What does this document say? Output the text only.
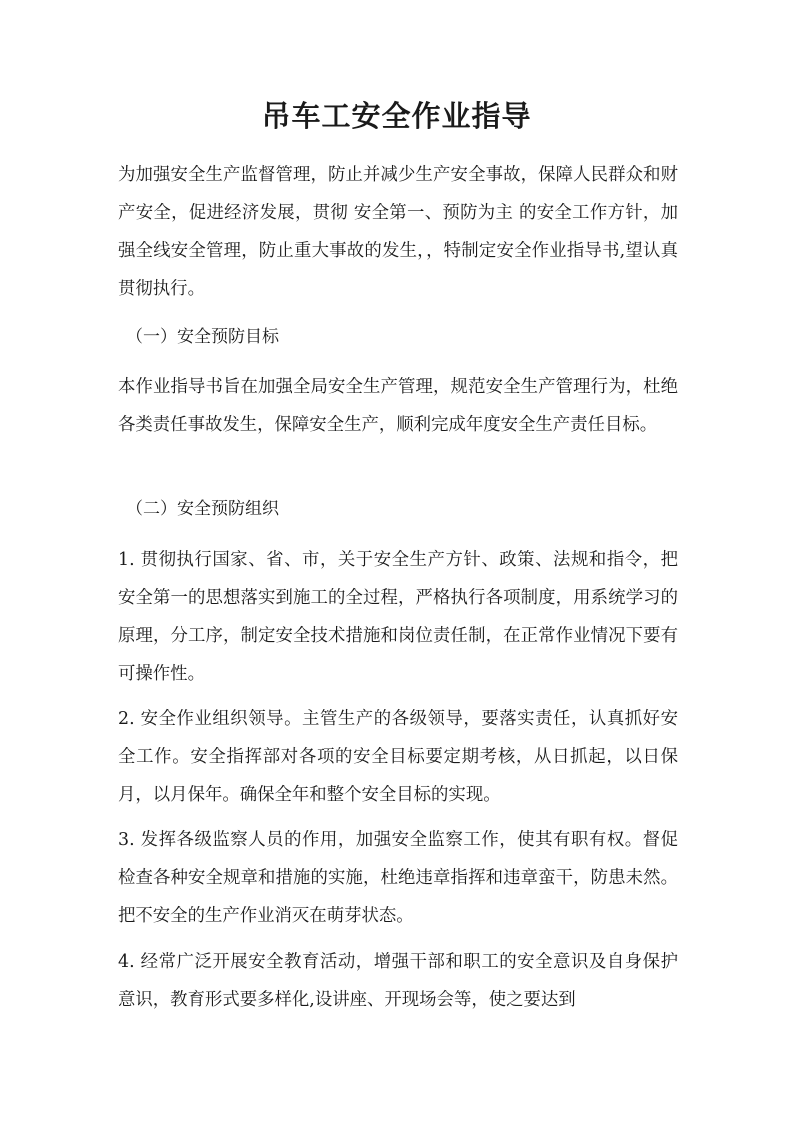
吊车工安全作业指导

为加强安全生产监督管理，防止并减少生产安全事故，保障人民群众和财产安全，促进经济发展，贯彻 安全第一、预防为主 的安全工作方针，加强全线安全管理，防止重大事故的发生，，特制定安全作业指导书,望认真贯彻执行。

（一）安全预防目标

本作业指导书旨在加强全局安全生产管理，规范安全生产管理行为，杜绝各类责任事故发生，保障安全生产，顺利完成年度安全生产责任目标。

（二）安全预防组织

1. 贯彻执行国家、省、市，关于安全生产方针、政策、法规和指令，把安全第一的思想落实到施工的全过程，严格执行各项制度，用系统学习的原理，分工序，制定安全技术措施和岗位责任制，在正常作业情况下要有可操作性。

2. 安全作业组织领导。主管生产的各级领导，要落实责任，认真抓好安全工作。安全指挥部对各项的安全目标要定期考核，从日抓起，以日保月，以月保年。确保全年和整个安全目标的实现。

3. 发挥各级监察人员的作用，加强安全监察工作，使其有职有权。督促检查各种安全规章和措施的实施，杜绝违章指挥和违章蛮干，防患未然。把不安全的生产作业消灭在萌芽状态。

4. 经常广泛开展安全教育活动，增强干部和职工的安全意识及自身保护意识，教育形式要多样化,设讲座、开现场会等，使之要达到
